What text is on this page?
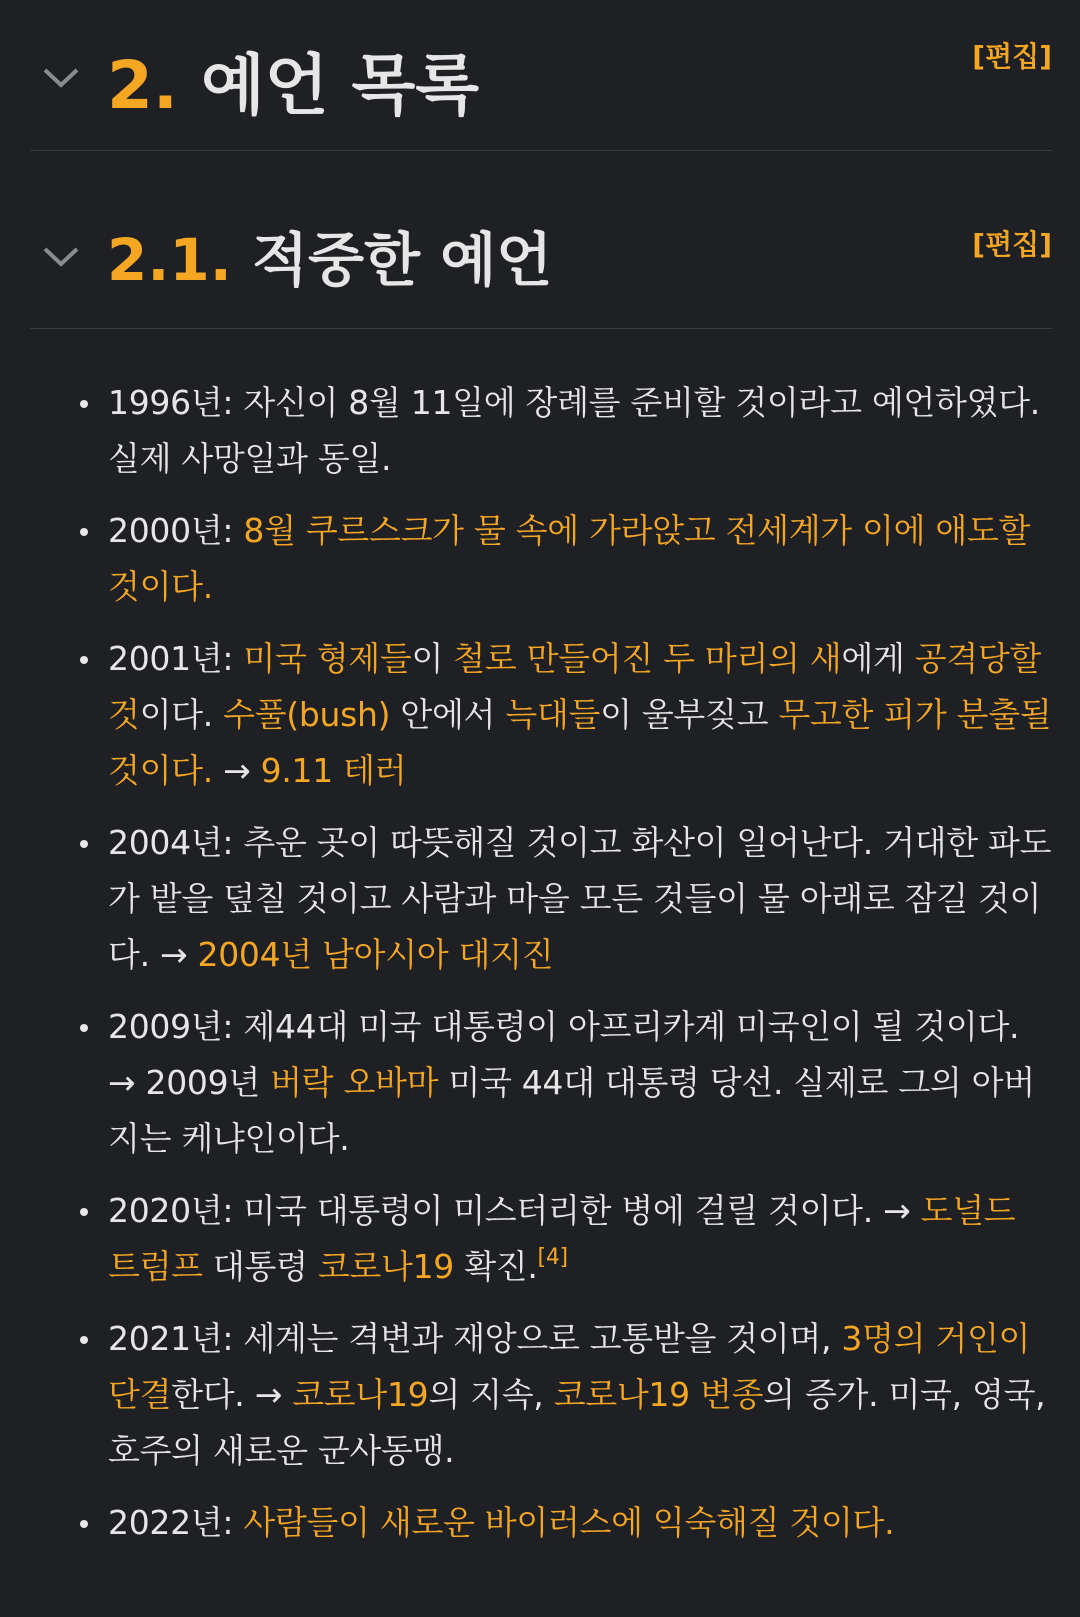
2. 예언 목록	[편집]
2.1. 적중한 예언	[편집]
1996년: 자신이 8월 11일에 장례를 준비할 것이라고 예언하였다. 실제 사망일과 동일.
2000년: 8월 쿠르스크가 물 속에 가라앉고 전세계가 이에 애도할 것이다.
2001년: 미국 형제들이 철로 만들어진 두 마리의 새에게 공격당할 것이다. 수풀(bush) 안에서 늑대들이 울부짖고 무고한 피가 분출될 것이다. → 9.11 테러
2004년: 추운 곳이 따뜻해질 것이고 화산이 일어난다. 거대한 파도가 밭을 덮칠 것이고 사람과 마을 모든 것들이 물 아래로 잠길 것이다. → 2004년 남아시아 대지진
2009년: 제44대 미국 대통령이 아프리카계 미국인이 될 것이다. → 2009년 버락 오바마 미국 44대 대통령 당선. 실제로 그의 아버지는 케냐인이다.
2020년: 미국 대통령이 미스터리한 병에 걸릴 것이다. → 도널드 트럼프 대통령 코로나19 확진.[4]
2021년: 세계는 격변과 재앙으로 고통받을 것이며, 3명의 거인이 단결한다. → 코로나19의 지속, 코로나19 변종의 증가. 미국, 영국, 호주의 새로운 군사동맹.
2022년: 사람들이 새로운 바이러스에 익숙해질 것이다.
